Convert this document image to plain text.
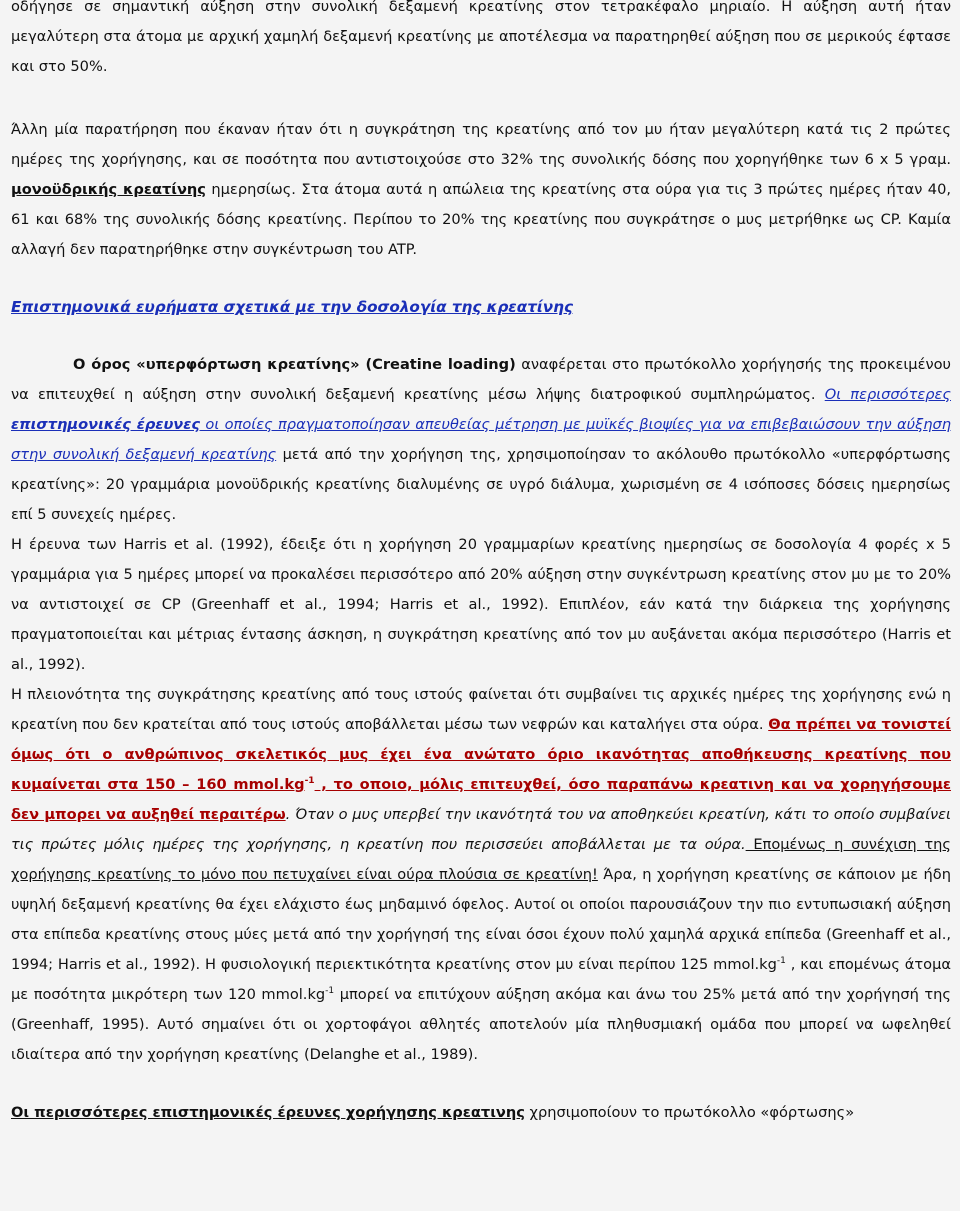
οδήγησε σε σημαντική αύξηση στην συνολική δεξαμενή κρεατίνης στον τετρακέφαλο μηριαίο. Η αύξηση αυτή ήταν μεγαλύτερη στα άτομα με αρχική χαμηλή δεξαμενή κρεατίνης με αποτέλεσμα να παρατηρηθεί αύξηση που σε μερικούς έφτασε και στο 50%.

Άλλη μία παρατήρηση που έκαναν ήταν ότι η συγκράτηση της κρεατίνης από τον μυ ήταν μεγαλύτερη κατά τις 2 πρώτες ημέρες της χορήγησης, και σε ποσότητα που αντιστοιχούσε στο 32% της συνολικής δόσης που χορηγήθηκε των 6 x 5 γραμ. μονοϋδρικής κρεατίνης ημερησίως. Στα άτομα αυτά η απώλεια της κρεατίνης στα ούρα για τις 3 πρώτες ημέρες ήταν 40, 61 και 68% της συνολικής δόσης κρεατίνης. Περίπου το 20% της κρεατίνης που συγκράτησε ο μυς μετρήθηκε ως CP. Καμία αλλαγή δεν παρατηρήθηκε στην συγκέντρωση του ATP.

Επιστημονικά ευρήματα σχετικά με την δοσολογία της κρεατίνης

Ο όρος «υπερφόρτωση κρεατίνης» (Creatine loading) αναφέρεται στο πρωτόκολλο χορήγησής της προκειμένου να επιτευχθεί η αύξηση στην συνολική δεξαμενή κρεατίνης μέσω λήψης διατροφικού συμπληρώματος. Οι περισσότερες επιστημονικές έρευνες οι οποίες πραγματοποίησαν απευθείας μέτρηση με μυϊκές βιοψίες για να επιβεβαιώσουν την αύξηση στην συνολική δεξαμενή κρεατίνης μετά από την χορήγηση της, χρησιμοποίησαν το ακόλουθο πρωτόκολλο «υπερφόρτωσης κρεατίνης»: 20 γραμμάρια μονοϋδρικής κρεατίνης διαλυμένης σε υγρό διάλυμα, χωρισμένη σε 4 ισόποσες δόσεις ημερησίως επί 5 συνεχείς ημέρες.

Η έρευνα των Harris et al. (1992), έδειξε ότι η χορήγηση 20 γραμμαρίων κρεατίνης ημερησίως σε δοσολογία 4 φορές x 5 γραμμάρια για 5 ημέρες μπορεί να προκαλέσει περισσότερο από 20% αύξηση στην συγκέντρωση κρεατίνης στον μυ με το 20% να αντιστοιχεί σε CP (Greenhaff et al., 1994; Harris et al., 1992). Επιπλέον, εάν κατά την διάρκεια της χορήγησης πραγματοποιείται και μέτριας έντασης άσκηση, η συγκράτηση κρεατίνης από τον μυ αυξάνεται ακόμα περισσότερο (Harris et al., 1992).

Η πλειονότητα της συγκράτησης κρεατίνης από τους ιστούς φαίνεται ότι συμβαίνει τις αρχικές ημέρες της χορήγησης ενώ η κρεατίνη που δεν κρατείται από τους ιστούς αποβάλλεται μέσω των νεφρών και καταλήγει στα ούρα. Θα πρέπει να τονιστεί όμως ότι ο ανθρώπινος σκελετικός μυς έχει ένα ανώτατο όριο ικανότητας αποθήκευσης κρεατίνης που κυμαίνεται στα 150 – 160 $mmol.kg^{-1}$ , το οποιο, μόλις επιτευχθεί, όσο παραπάνω κρεατινη και να χορηγήσουμε δεν μπορει να αυξηθεί περαιτέρω. Όταν ο μυς υπερβεί την ικανότητά του να αποθηκεύει κρεατίνη, κάτι το οποίο συμβαίνει τις πρώτες μόλις ημέρες της χορήγησης, η κρεατίνη που περισσεύει αποβάλλεται με τα ούρα. Επομένως η συνέχιση της χορήγησης κρεατίνης το μόνο που πετυχαίνει είναι ούρα πλούσια σε κρεατίνη! Άρα, η χορήγηση κρεατίνης σε κάποιον με ήδη υψηλή δεξαμενή κρεατίνης θα έχει ελάχιστο έως μηδαμινό όφελος. Αυτοί οι οποίοι παρουσιάζουν την πιο εντυπωσιακή αύξηση στα επίπεδα κρεατίνης στους μύες μετά από την χορήγησή της είναι όσοι έχουν πολύ χαμηλά αρχικά επίπεδα (Greenhaff et al., 1994; Harris et al., 1992). Η φυσιολογική περιεκτικότητα κρεατίνης στον μυ είναι περίπου 125 $mmol.kg^{-1}$ , και επομένως άτομα με ποσότητα μικρότερη των 120 $mmol.kg^{-1}$ μπορεί να επιτύχουν αύξηση ακόμα και άνω του 25% μετά από την χορήγησή της (Greenhaff, 1995). Αυτό σημαίνει ότι οι χορτοφάγοι αθλητές αποτελούν μία πληθυσμιακή ομάδα που μπορεί να ωφεληθεί ιδιαίτερα από την χορήγηση κρεατίνης (Delanghe et al., 1989).

Οι περισσότερες επιστημονικές έρευνες χορήγησης κρεατινης χρησιμοποίουν το πρωτόκολλο «φόρτωσης»
